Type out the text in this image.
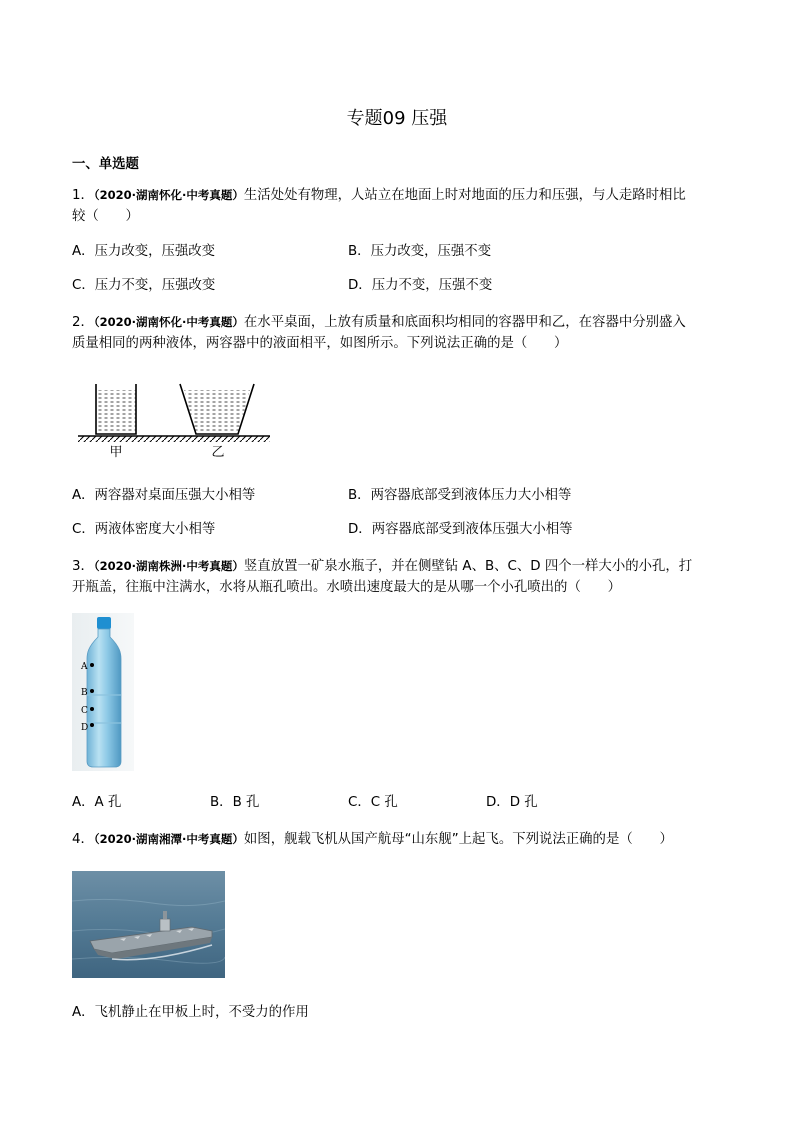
专题09 压强
一、单选题
1．（2020·湖南怀化·中考真题）生活处处有物理，人站立在地面上时对地面的压力和压强，与人走路时相比
较（　　）
A．压力改变，压强改变	B．压力改变，压强不变
C．压力不变，压强改变	D．压力不变，压强不变
2．（2020·湖南怀化·中考真题）在水平桌面，上放有质量和底面积均相同的容器甲和乙，在容器中分别盛入
质量相同的两种液体，两容器中的液面相平，如图所示。下列说法正确的是（　　）
甲	乙
A．两容器对桌面压强大小相等	B．两容器底部受到液体压力大小相等
C．两液体密度大小相等	D．两容器底部受到液体压强大小相等
3．（2020·湖南株洲·中考真题）竖直放置一矿泉水瓶子，并在侧壁钻 A、B、C、D 四个一样大小的小孔，打
开瓶盖，往瓶中注满水，水将从瓶孔喷出。水喷出速度最大的是从哪一个小孔喷出的（　　）
A
B
C
D
A．A 孔	B．B 孔	C．C 孔	D．D 孔
4．（2020·湖南湘潭·中考真题）如图，舰载飞机从国产航母“山东舰”上起飞。下列说法正确的是（　　）
A．飞机静止在甲板上时，不受力的作用
